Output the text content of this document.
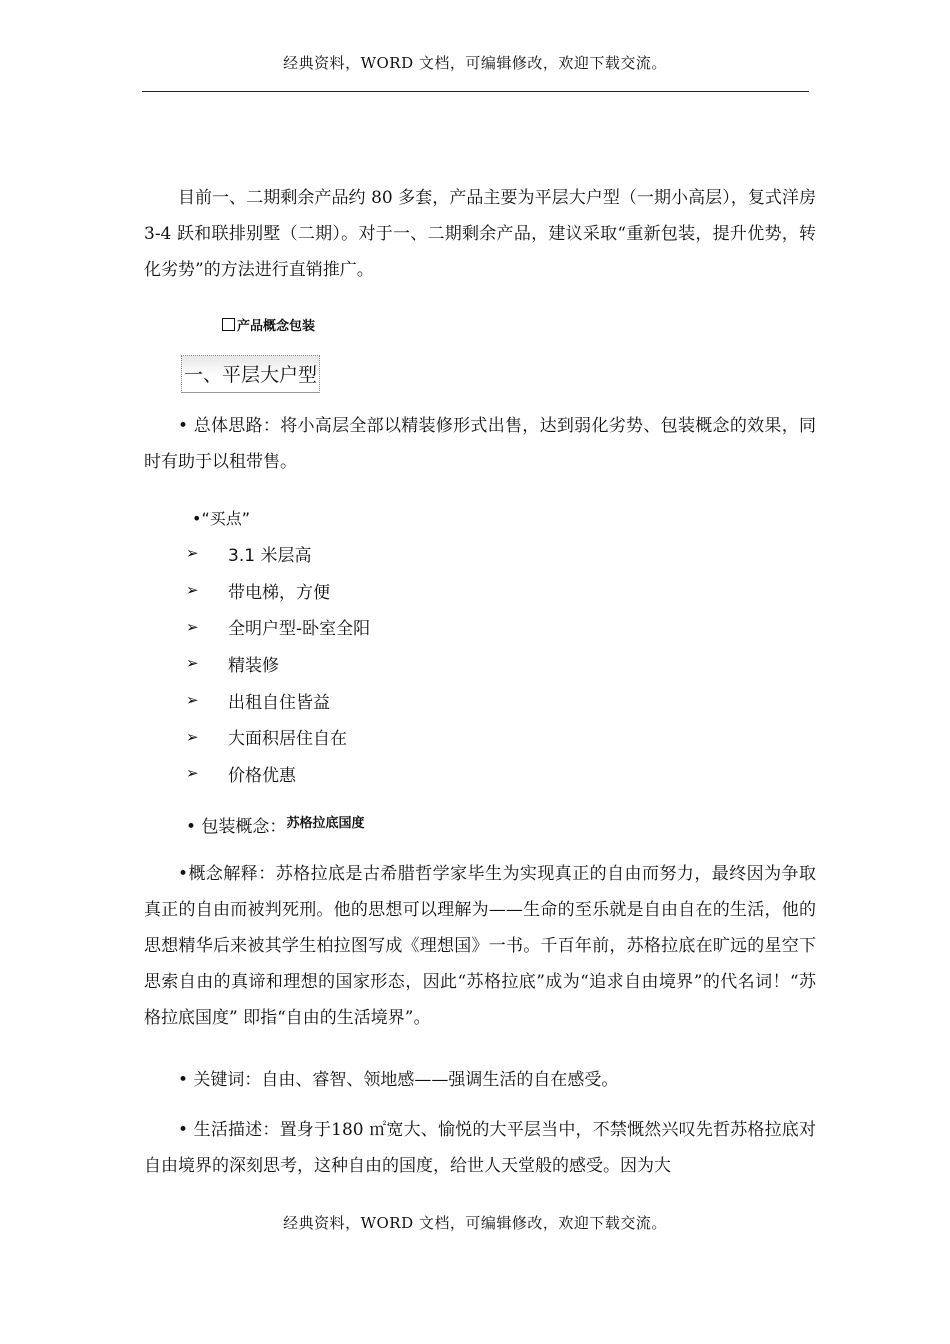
经典资料，WORD 文档，可编辑修改，欢迎下载交流。

目前一、二期剩余产品约 80 多套，产品主要为平层大户型（一期小高层），复式洋房 3-4 跃和联排别墅（二期）。对于一、二期剩余产品，建议采取“重新包装，提升优势，转化劣势”的方法进行直销推广。

产品概念包装
一、平层大户型

• 总体思路：将小高层全部以精装修形式出售，达到弱化劣势、包装概念的效果，同时有助于以租带售。

•“买点”
➢	3.1 米层高
➢	带电梯，方便
➢	全明户型-卧室全阳
➢	精装修
➢	出租自住皆益
➢	大面积居住自在
➢	价格优惠
• 包装概念： 苏格拉底国度

•概念解释：苏格拉底是古希腊哲学家毕生为实现真正的自由而努力，最终因为争取真正的自由而被判死刑。他的思想可以理解为——生命的至乐就是自由自在的生活，他的思想精华后来被其学生柏拉图写成《理想国》一书。千百年前，苏格拉底在旷远的星空下思索自由的真谛和理想的国家形态，因此“苏格拉底”成为“追求自由境界”的代名词！“苏格拉底国度” 即指“自由的生活境界”。

• 关键词：自由、睿智、领地感——强调生活的自在感受。

• 生活描述：置身于180 ㎡宽大、愉悦的大平层当中，不禁慨然兴叹先哲苏格拉底对自由境界的深刻思考，这种自由的国度，给世人天堂般的感受。因为大

经典资料，WORD 文档，可编辑修改，欢迎下载交流。
